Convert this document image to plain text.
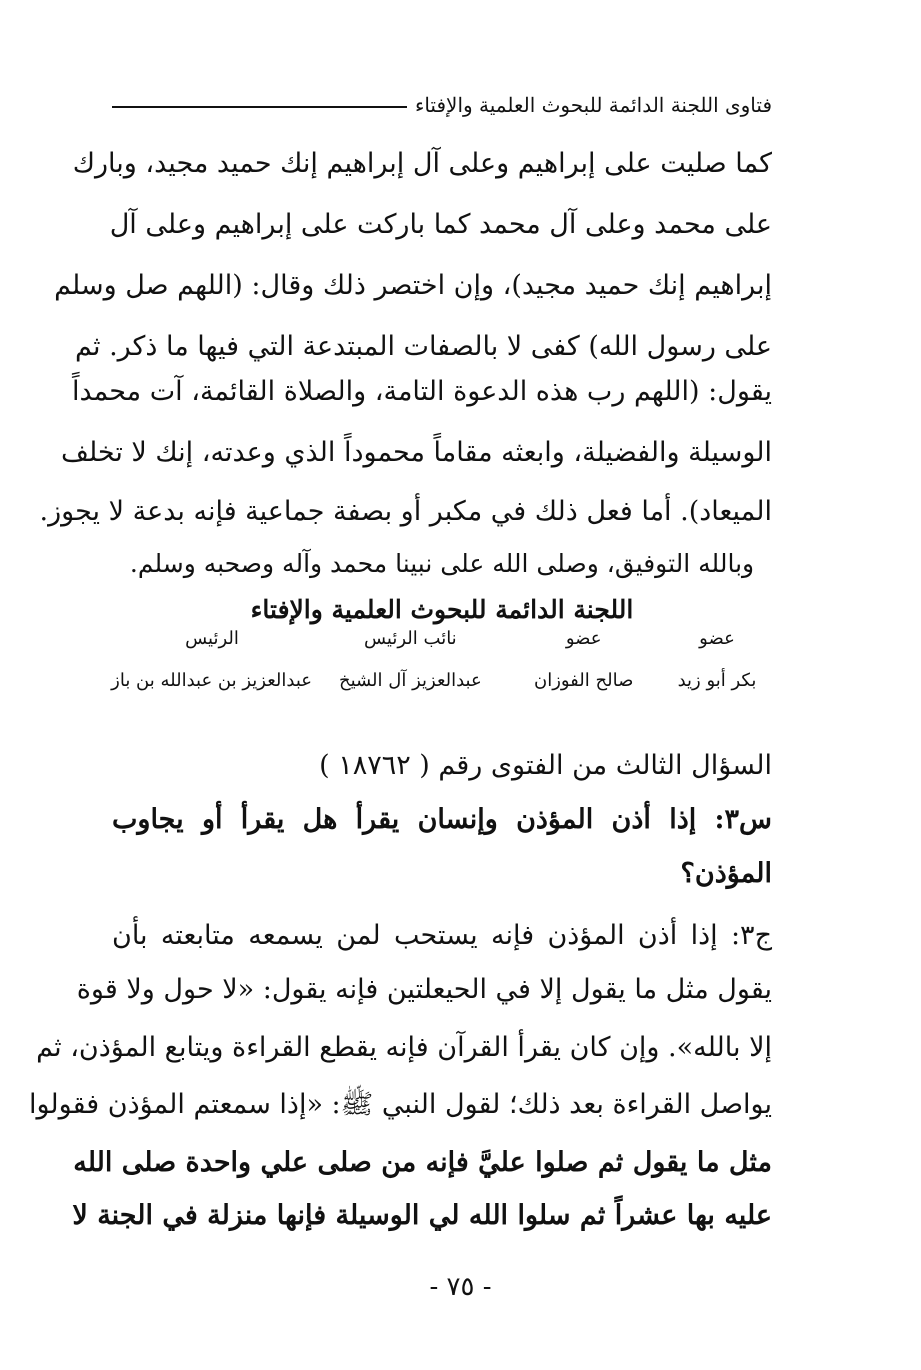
فتاوى اللجنة الدائمة للبحوث العلمية والإفتاء
كما صليت على إبراهيم وعلى آل إبراهيم إنك حميد مجيد، وبارك
على محمد وعلى آل محمد كما باركت على إبراهيم وعلى آل
إبراهيم إنك حميد مجيد)، وإن اختصر ذلك وقال: (اللهم صل وسلم
على رسول الله) كفى لا بالصفات المبتدعة التي فيها ما ذكر. ثم
يقول: (اللهم رب هذه الدعوة التامة، والصلاة القائمة، آت محمداً
الوسيلة والفضيلة، وابعثه مقاماً محموداً الذي وعدته، إنك لا تخلف
الميعاد). أما فعل ذلك في مكبر أو بصفة جماعية فإنه بدعة لا يجوز.
وبالله التوفيق، وصلى الله على نبينا محمد وآله وصحبه وسلم.
اللجنة الدائمة للبحوث العلمية والإفتاء
عضو
عضو
نائب الرئيس
الرئيس
بكر أبو زيد
صالح الفوزان
عبدالعزيز آل الشيخ
عبدالعزيز بن عبدالله بن باز
السؤال الثالث من الفتوى رقم ( ١٨٧٦٢ )
س٣: إذا أذن المؤذن وإنسان يقرأ هل يقرأ أو يجاوب
المؤذن؟
ج٣: إذا أذن المؤذن فإنه يستحب لمن يسمعه متابعته بأن
يقول مثل ما يقول إلا في الحيعلتين فإنه يقول: «لا حول ولا قوة
إلا بالله». وإن كان يقرأ القرآن فإنه يقطع القراءة ويتابع المؤذن، ثم
يواصل القراءة بعد ذلك؛ لقول النبي ﷺ: «إذا سمعتم المؤذن فقولوا
مثل ما يقول ثم صلوا عليَّ فإنه من صلى علي واحدة صلى الله
عليه بها عشراً ثم سلوا الله لي الوسيلة فإنها منزلة في الجنة لا
- ٧٥ -
